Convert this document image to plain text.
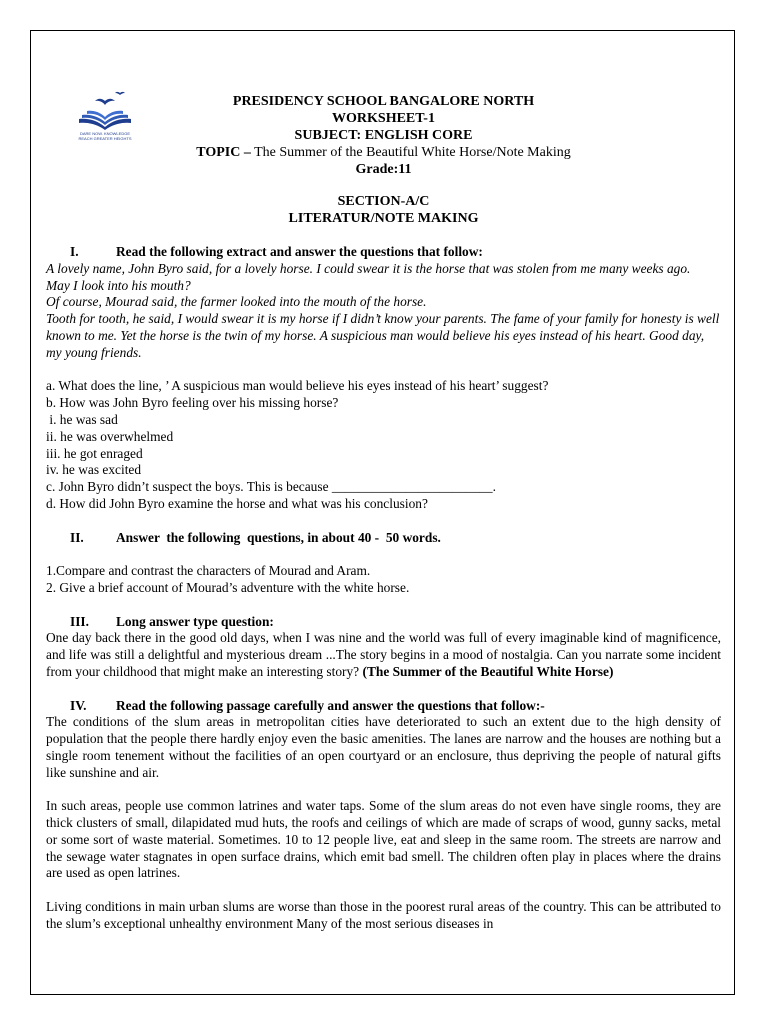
DARE NOW. KNOWLEDGE
REACH GREATER HEIGHTS
PRESIDENCY SCHOOL BANGALORE NORTH
WORKSHEET-1
SUBJECT: ENGLISH CORE
TOPIC – The Summer of the Beautiful White Horse/Note Making
Grade:11
SECTION-A/C
LITERATUR/NOTE MAKING
I.	Read the following extract and answer the questions that follow:

A lovely name, John Byro said, for a lovely horse. I could swear it is the horse that was stolen from me many weeks ago.

May I look into his mouth?

Of course, Mourad said, the farmer looked into the mouth of the horse.

Tooth for tooth, he said, I would swear it is my horse if I didn’t know your parents. The fame of your family for honesty is well known to me. Yet the horse is the twin of my horse. A suspicious man would believe his eyes instead of his heart. Good day, my young friends.

a. What does the line, ’ A suspicious man would believe his eyes instead of his heart’ suggest?

b. How was John Byro feeling over his missing horse?

i. he was sad

ii. he was overwhelmed

iii. he got enraged

iv. he was excited

c. John Byro didn’t suspect the boys. This is because ________________________.

d. How did John Byro examine the horse and what was his conclusion?

II.	Answer  the following  questions, in about 40 -  50 words.

1.Compare and contrast the characters of Mourad and Aram.

2. Give a brief account of Mourad’s adventure with the white horse.

III.	Long answer type question:

One day back there in the good old days, when I was nine and the world was full of every imaginable kind of magnificence, and life was still a delightful and mysterious dream ...The story begins in a mood of nostalgia. Can you narrate some incident from your childhood that might make an interesting story? (The Summer of the Beautiful White Horse)

IV.	Read the following passage carefully and answer the questions that follow:-

The conditions of the slum areas in metropolitan cities have deteriorated to such an extent due to the high density of population that the people there hardly enjoy even the basic amenities. The lanes are narrow and the houses are nothing but a single room tenement without the facilities of an open courtyard or an enclosure, thus depriving the people of natural gifts like sunshine and air.

In such areas, people use common latrines and water taps. Some of the slum areas do not even have single rooms, they are thick clusters of small, dilapidated mud huts, the roofs and ceilings of which are made of scraps of wood, gunny sacks, metal or some sort of waste material. Sometimes. 10 to 12 people live, eat and sleep in the same room. The streets are narrow and the sewage water stagnates in open surface drains, which emit bad smell. The children often play in places where the drains are used as open latrines.

Living conditions in main urban slums are worse than those in the poorest rural areas of the country. This can be attributed to the slum’s exceptional unhealthy environment Many of the most serious diseases in
